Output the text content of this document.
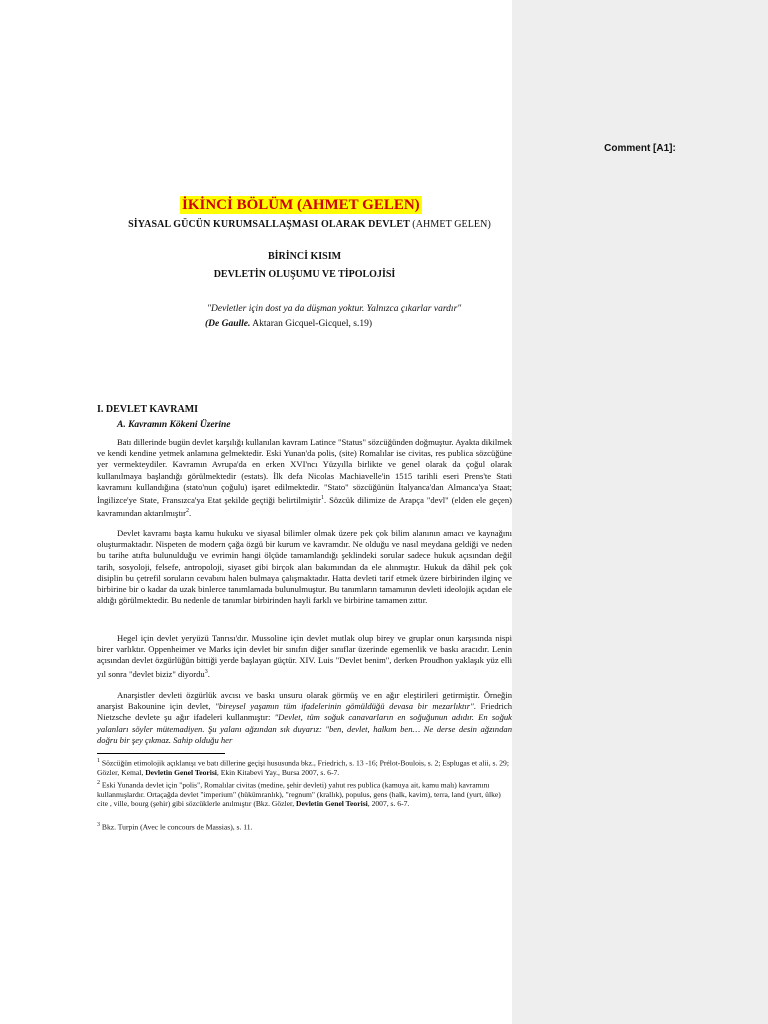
Comment [A1]:
İKİNCİ BÖLÜM (AHMET GELEN)
SİYASAL GÜCÜN KURUMSALLAŞMASI OLARAK DEVLET (AHMET GELEN)
BİRİNCİ KISIM
DEVLETİN OLUŞUMU VE TİPOLOJİSİ
"Devletler için dost ya da düşman yoktur. Yalnızca çıkarlar vardır"
(De Gaulle. Aktaran Gicquel-Gicquel, s.19)
I. DEVLET KAVRAMI
A. Kavramın Kökeni Üzerine

Batı dillerinde bugün devlet karşılığı kullanılan kavram Latince "Status" sözcüğünden doğmuştur. Ayakta dikilmek ve kendi kendine yetmek anlamına gelmektedir. Eski Yunan'da polis, (site) Romalılar ise civitas, res publica sözcüğüne yer vermekteydiler. Kavramın Avrupa'da en erken XVI'ncı Yüzyılla birlikte ve genel olarak da çoğul olarak kullanılmaya başlandığı görülmektedir (estats). İlk defa Nicolas Machiavelle'in 1515 tarihli eseri Prens'te Stati kavramını kullandığına (stato'nun çoğulu) işaret edilmektedir. "Stato" sözcüğünün İtalyanca'dan Almanca'ya Staat; İngilizce'ye State, Fransızca'ya Etat şekilde geçtiği belirtilmiştir$^1$. Sözcük dilimize de Arapça "devl" (elden ele geçen) kavramından aktarılmıştır$^2$.

Devlet kavramı başta kamu hukuku ve siyasal bilimler olmak üzere pek çok bilim alanının amacı ve kaynağını oluşturmaktadır. Nispeten de modern çağa özgü bir kurum ve kavramdır. Ne olduğu ve nasıl meydana geldiği ve neden bu tarihe atıfta bulunulduğu ve evrimin hangi ölçüde tamamlandığı şeklindeki sorular sadece hukuk açısından değil tarih, sosyoloji, felsefe, antropoloji, siyaset gibi birçok alan bakımından da ele alınmıştır. Hukuk da dâhil pek çok disiplin bu çetrefil soruların cevabını halen bulmaya çalışmaktadır. Hatta devleti tarif etmek üzere birbirinden ilginç ve birbirine bir o kadar da uzak binlerce tanımlamada bulunulmuştur. Bu tanımların tamamının devleti ideolojik açıdan ele aldığı görülmektedir. Bu nedenle de tanımlar birbirinden hayli farklı ve birbirine tamamen zıttır.

Hegel için devlet yeryüzü Tanrısı'dır. Mussoline için devlet mutlak olup birey ve gruplar onun karşısında nispi birer varlıktır. Oppenheimer ve Marks için devlet bir sınıfın diğer sınıflar üzerinde egemenlik ve baskı aracıdır. Lenin açısından devlet özgürlüğün bittiği yerde başlayan güçtür. XIV. Luis "Devlet benim", derken Proudhon yaklaşık yüz elli yıl sonra "devlet biziz" diyordu$^3$.

Anarşistler devleti özgürlük avcısı ve baskı unsuru olarak görmüş ve en ağır eleştirileri getirmiştir. Örneğin anarşist Bakounine için devlet, "bireysel yaşamın tüm ifadelerinin gömüldüğü devasa bir mezarlıktır". Friedrich Nietzsche devlete şu ağır ifadeleri kullanmıştır: "Devlet, tüm soğuk canavarların en soğuğunun adıdır. En soğuk yalanları söyler mütemadiyen. Şu yalanı ağzından sık duyarız: "ben, devlet, halkım ben… Ne derse desin ağzından doğru bir şey çıkmaz. Sahip olduğu her

$^1$ Sözcüğün etimolojik açıklanışı ve batı dillerine geçişi hususunda bkz., Friedrich, s. 13 -16; Prélot-Boulois, s. 2; Esplugas et alii, s. 29; Gözler, Kemal, Devletin Genel Teorisi, Ekin Kitabevi Yay., Bursa 2007, s. 6-7.

$^2$ Eski Yunanda devlet için "polis", Romalılar civitas (medine, şehir devleti) yahut res publica (kamuya ait, kamu malı) kavramını kullanmışlardır. Ortaçağda devlet "imperium" (hükümranlık), "regnum" (krallık), populus, gens (halk, kavim), terra, land (yurt, ülke) cite , ville, bourg (şehir) gibi sözcüklerle anılmıştır (Bkz. Gözler, Devletin Genel Teorisi, 2007, s. 6-7.

$^3$ Bkz. Turpin (Avec le concours de Massias), s. 11.
